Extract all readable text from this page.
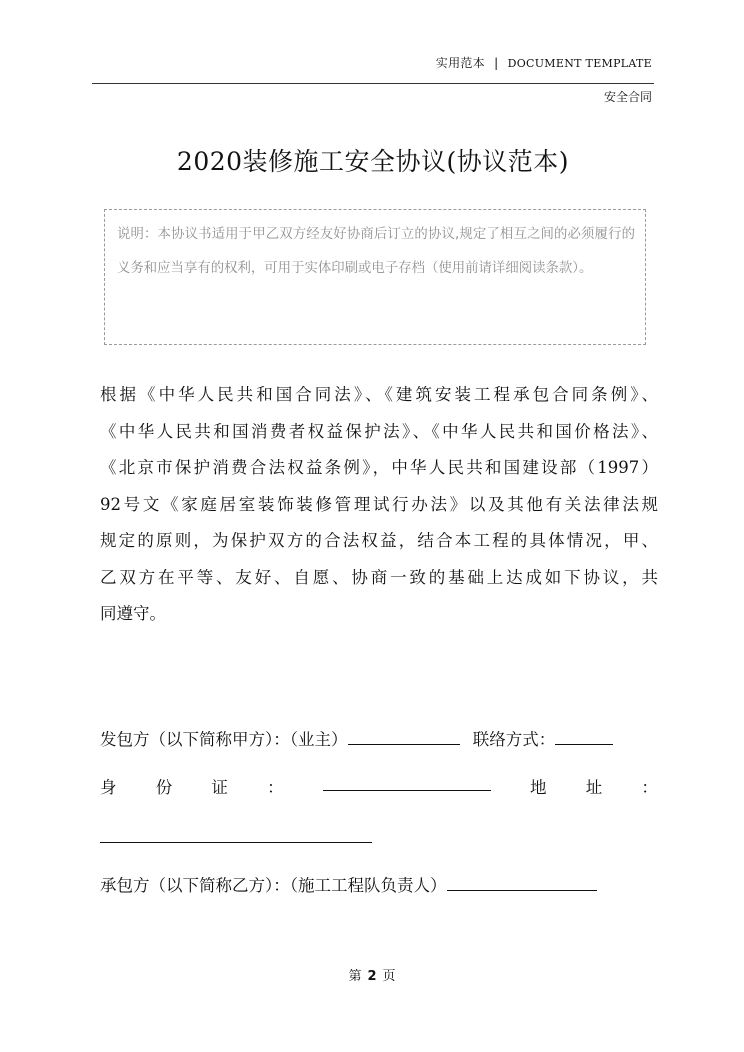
实用范本 | DOCUMENT TEMPLATE
安全合同
2020装修施工安全协议(协议范本)

说明：本协议书适用于甲乙双方经友好协商后订立的协议,规定了相互之间的必须履行的义务和应当享有的权利，可用于实体印刷或电子存档（使用前请详细阅读条款）。

根据《中华人民共和国合同法》、《建筑安装工程承包合同条例》、
《中华人民共和国消费者权益保护法》、《中华人民共和国价格法》、
《北京市保护消费合法权益条例》，中华人民共和国建设部（1997）
92号文《家庭居室装饰装修管理试行办法》以及其他有关法律法规
规定的原则，为保护双方的合法权益，结合本工程的具体情况，甲、
乙双方在平等、友好、自愿、协商一致的基础上达成如下协议，共
同遵守。
发包方（以下简称甲方）：（业主）	联络方式：
身 份 证 ：	地 址 ：
承包方（以下简称乙方）：（施工工程队负责人）
第 2 页
